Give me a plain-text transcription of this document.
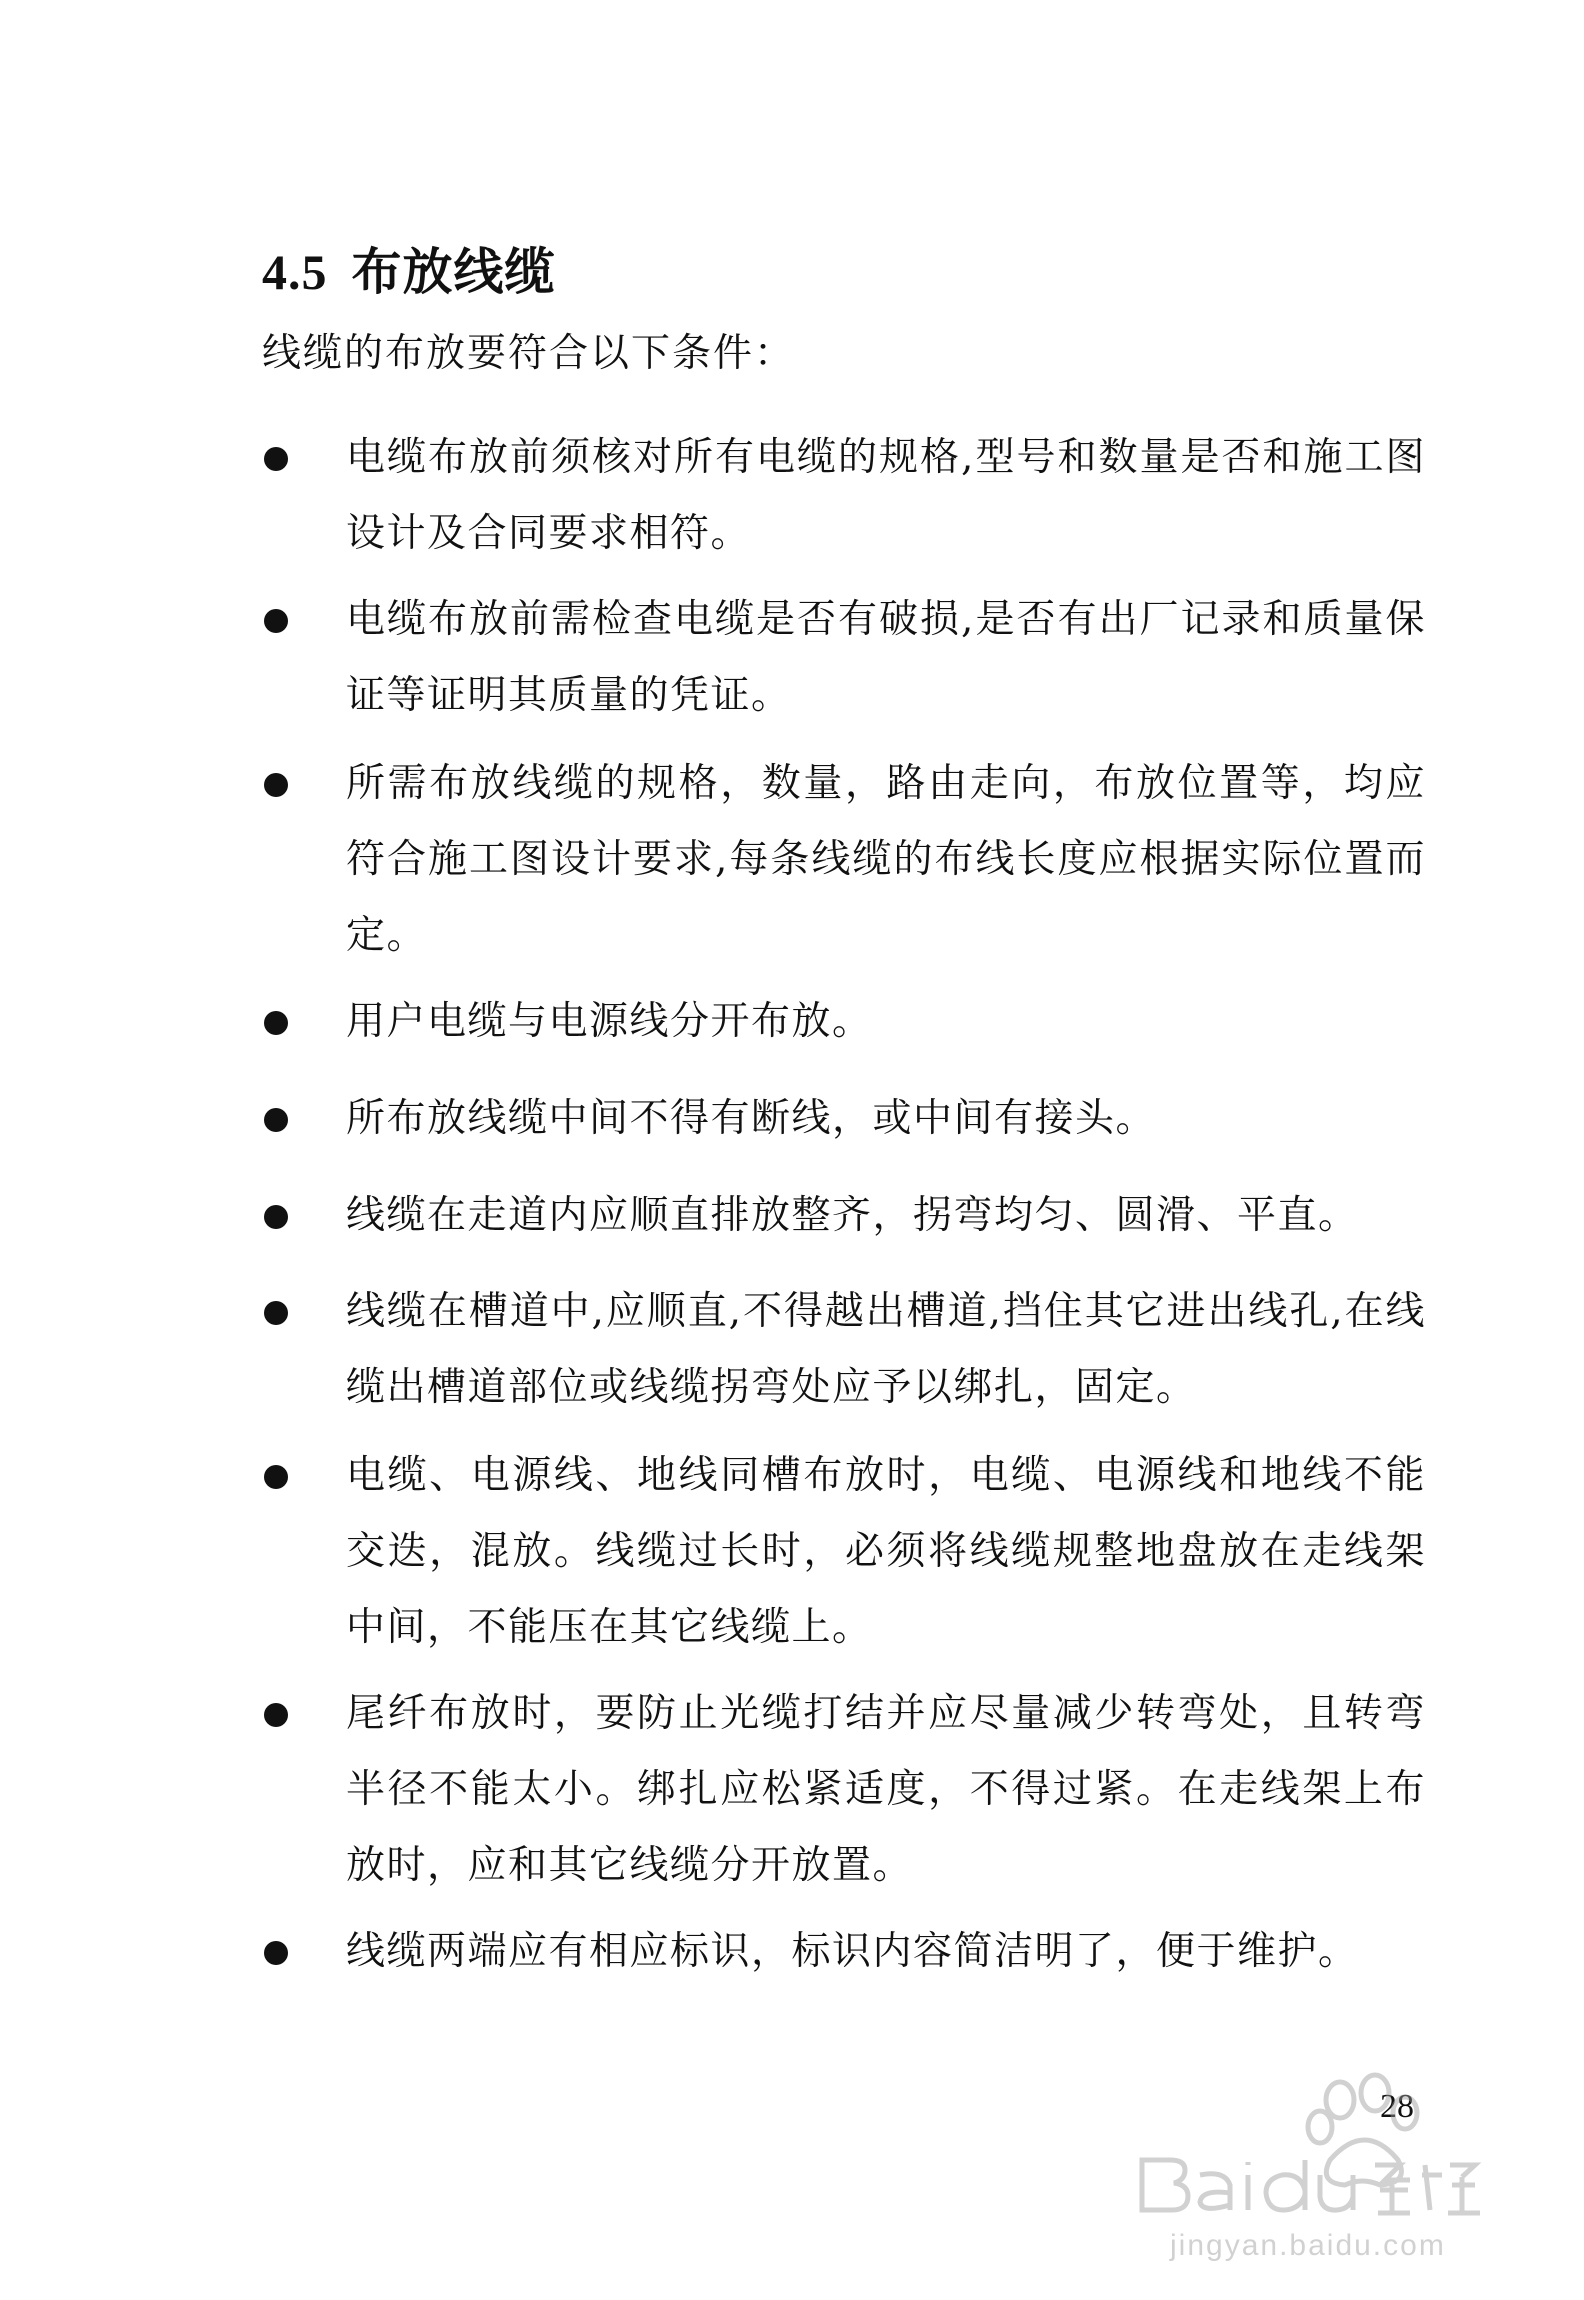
4.5 布放线缆
线缆的布放要符合以下条件：
电缆布放前须核对所有电缆的规格,型号和数量是否和施工图设计及合同要求相符。
电缆布放前需检查电缆是否有破损,是否有出厂记录和质量保证等证明其质量的凭证。
所需布放线缆的规格，数量，路由走向，布放位置等，均应符合施工图设计要求,每条线缆的布线长度应根据实际位置而定。
用户电缆与电源线分开布放。
所布放线缆中间不得有断线，或中间有接头。
线缆在走道内应顺直排放整齐，拐弯均匀、圆滑、平直。
线缆在槽道中,应顺直,不得越出槽道,挡住其它进出线孔,在线缆出槽道部位或线缆拐弯处应予以绑扎，固定。
电缆、电源线、地线同槽布放时，电缆、电源线和地线不能交迭，混放。线缆过长时，必须将线缆规整地盘放在走线架中间，不能压在其它线缆上。
尾纤布放时，要防止光缆打结并应尽量减少转弯处，且转弯半径不能太小。绑扎应松紧适度，不得过紧。在走线架上布放时，应和其它线缆分开放置。
线缆两端应有相应标识，标识内容简洁明了，便于维护。
28
jingyan.baidu.com
